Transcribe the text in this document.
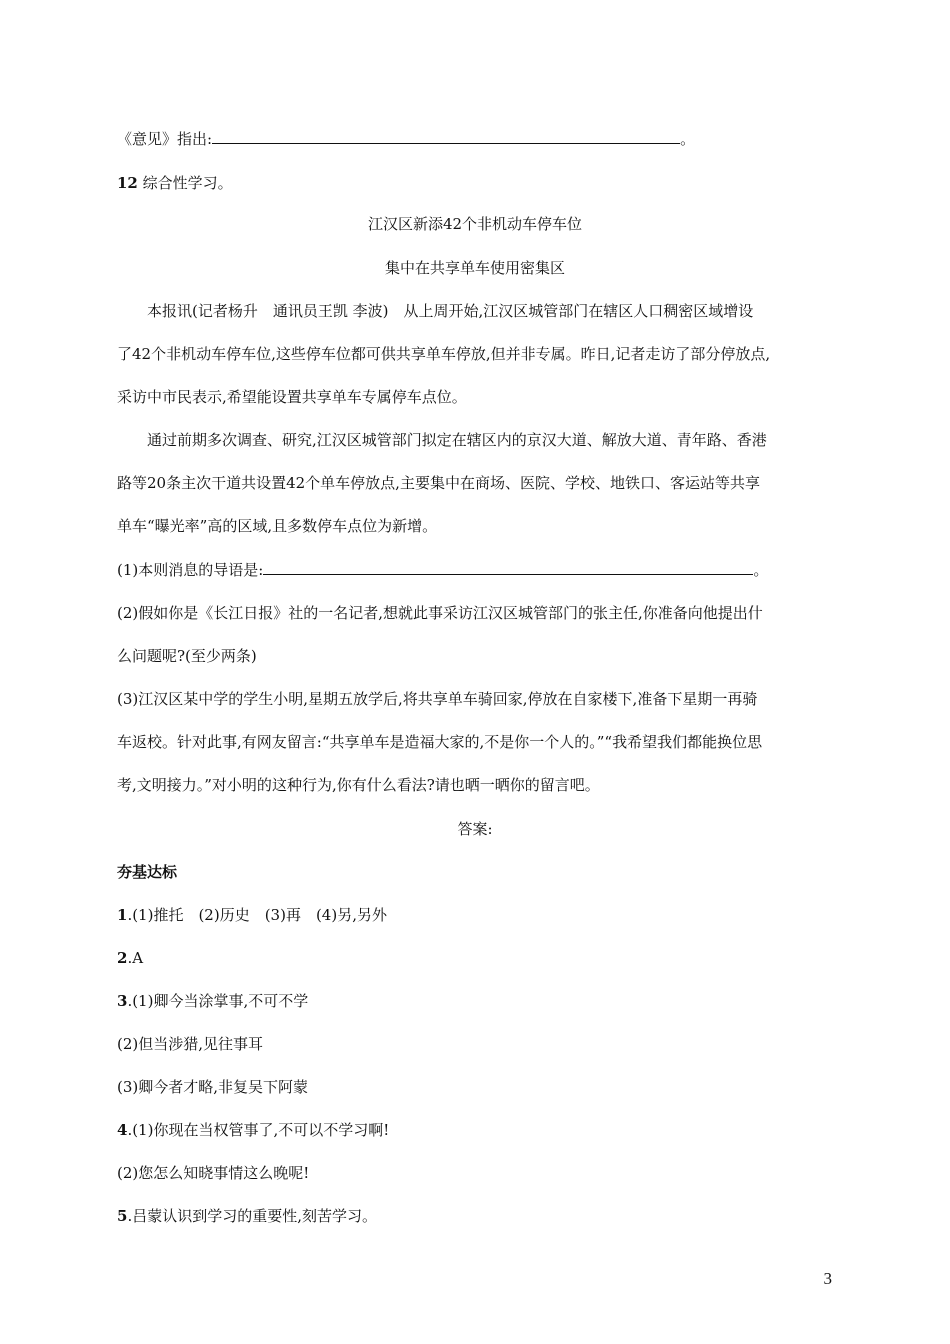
《意见》指出:	。
12 综合性学习。
江汉区新添42个非机动车停车位
集中在共享单车使用密集区
本报讯(记者杨升　通讯员王凯 李波)　从上周开始,江汉区城管部门在辖区人口稠密区域增设
了42个非机动车停车位,这些停车位都可供共享单车停放,但并非专属。昨日,记者走访了部分停放点,
采访中市民表示,希望能设置共享单车专属停车点位。
通过前期多次调查、研究,江汉区城管部门拟定在辖区内的京汉大道、解放大道、青年路、香港
路等20条主次干道共设置42个单车停放点,主要集中在商场、医院、学校、地铁口、客运站等共享
单车“曝光率”高的区域,且多数停车点位为新增。
(1)本则消息的导语是:	。
(2)假如你是《长江日报》社的一名记者,想就此事采访江汉区城管部门的张主任,你准备向他提出什
么问题呢?(至少两条)
(3)江汉区某中学的学生小明,星期五放学后,将共享单车骑回家,停放在自家楼下,准备下星期一再骑
车返校。针对此事,有网友留言:“共享单车是造福大家的,不是你一个人的。”“我希望我们都能换位思
考,文明接力。”对小明的这种行为,你有什么看法?请也晒一晒你的留言吧。
答案:
夯基达标
1.(1)推托　(2)历史　(3)再　(4)另,另外
2.A
3.(1)卿今当涂掌事,不可不学
(2)但当涉猎,见往事耳
(3)卿今者才略,非复吴下阿蒙
4.(1)你现在当权管事了,不可以不学习啊!
(2)您怎么知晓事情这么晚呢!
5.吕蒙认识到学习的重要性,刻苦学习。
3
